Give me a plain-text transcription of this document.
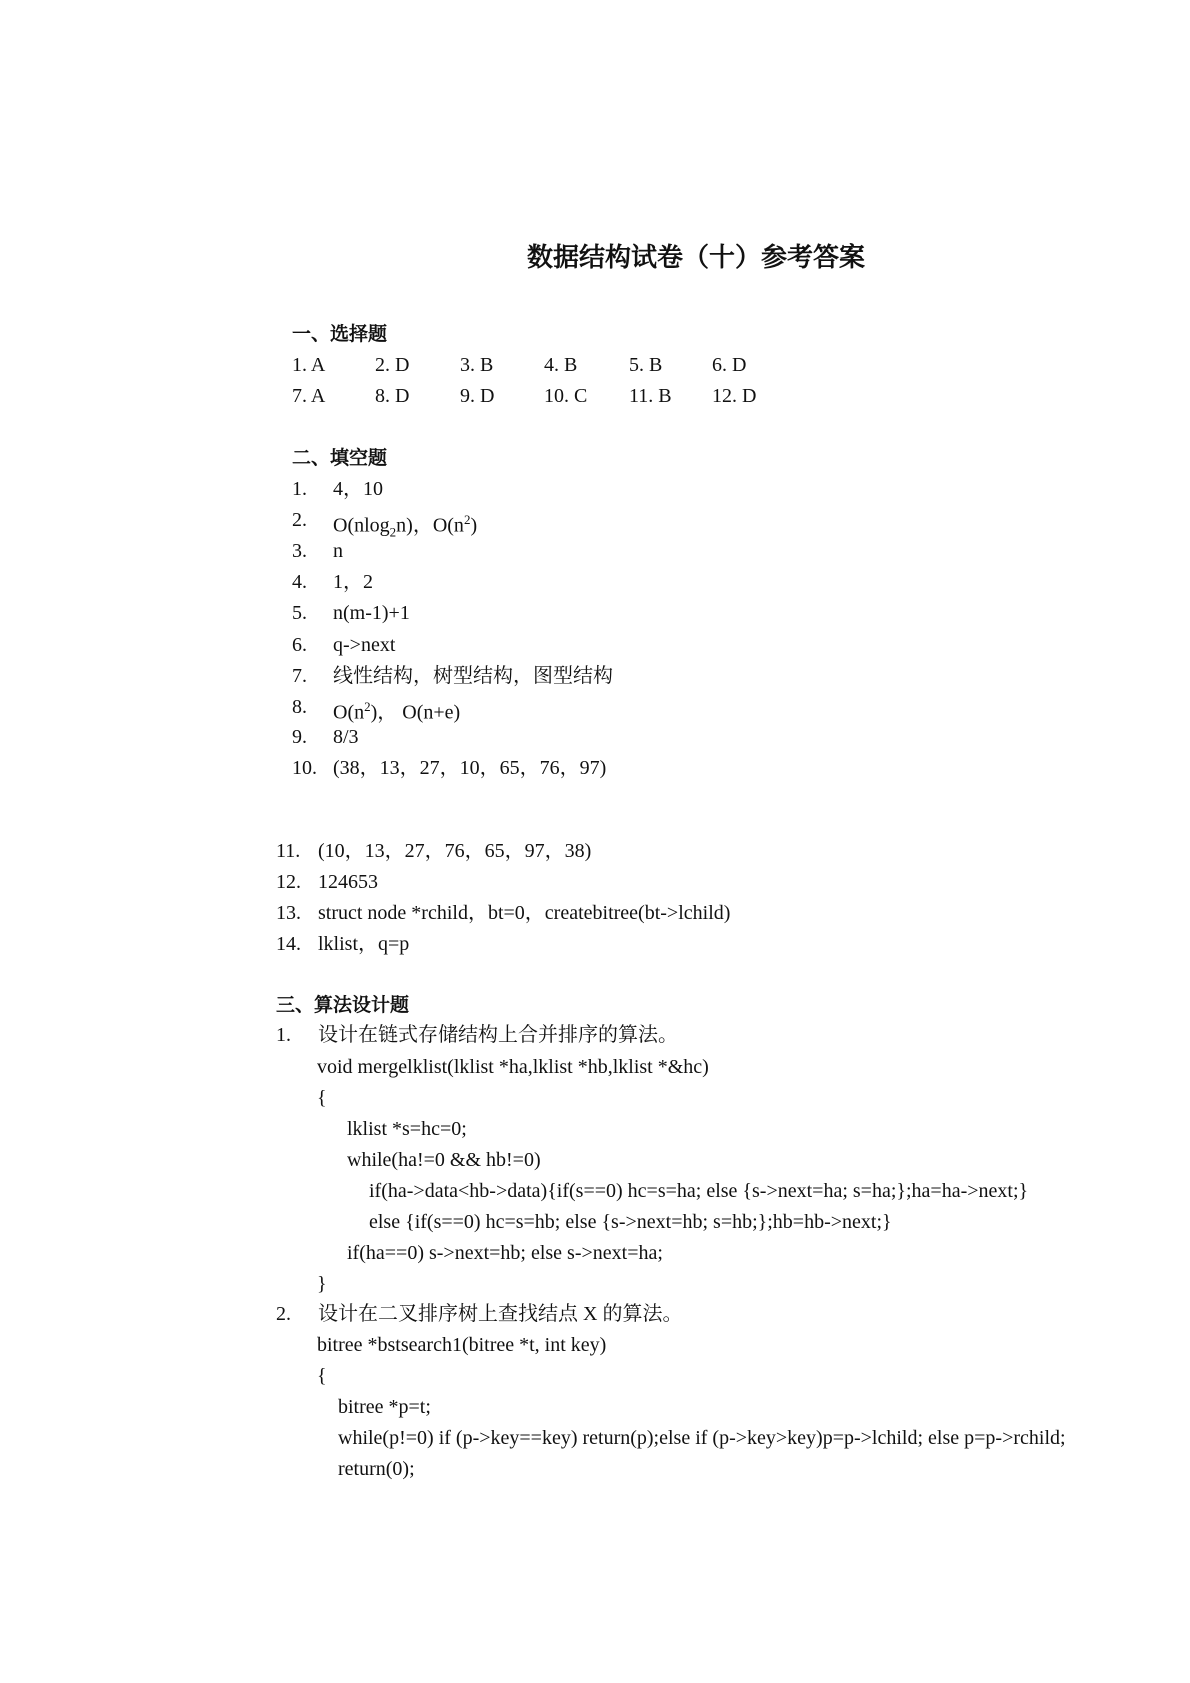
数据结构试卷（十）参考答案
一、选择题
二、填空题
三、算法设计题
1. A 2. D	3. B	4. B	5. B 6. D
7. A 8. D	9. D 10. C 11. B 12. D
1. 4，10
2. O(nlog$_2$n)，$O(n^2)$
3. n
4. 1，2
5. n(m-1)+1
6. q->next
7. 线性结构，树型结构，图型结构
8. $O(n^2)$， O(n+e)
9. 8/3
10. (38，13，27，10，65，76，97)
11. (10，13，27，76，65，97，38)
12. 124653
13. struct node *rchild，bt=0，createbitree(bt->lchild)
14. lklist，q=p
1. 设计在链式存储结构上合并排序的算法。
void mergelklist(lklist *ha,lklist *hb,lklist *&hc)
{
lklist *s=hc=0;
while(ha!=0 && hb!=0)
if(ha->data<hb->data){if(s==0) hc=s=ha; else {s->next=ha; s=ha;};ha=ha->next;}
else {if(s==0) hc=s=hb; else {s->next=hb; s=hb;};hb=hb->next;}
if(ha==0) s->next=hb; else s->next=ha;
}
2. 设计在二叉排序树上查找结点 X 的算法。
bitree *bstsearch1(bitree *t, int key)
{
bitree *p=t;
while(p!=0) if (p->key==key) return(p);else if (p->key>key)p=p->lchild; else p=p->rchild;
return(0);
